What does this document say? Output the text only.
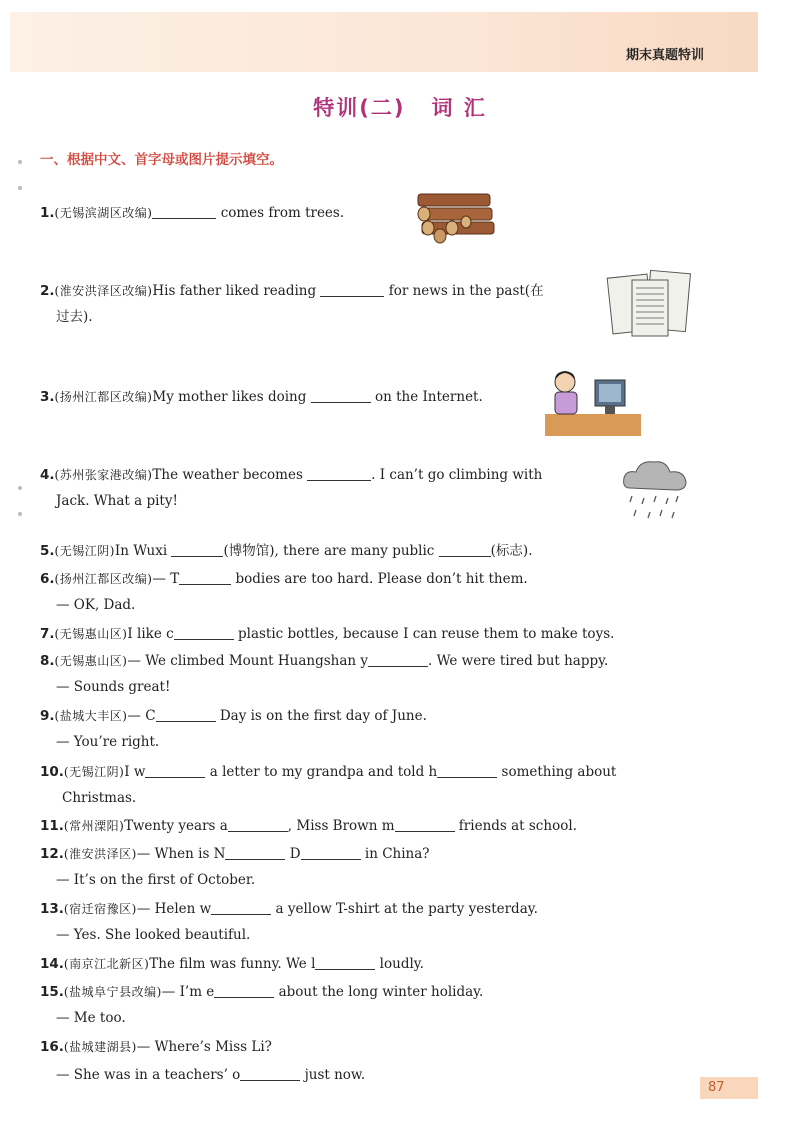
期末真题特训
特训(二) 词 汇
一、根据中文、首字母或图片提示填空。
1.(无锡滨湖区改编)	comes from trees.
2.(淮安洪泽区改编)His father liked reading	for news in the past(在
过去).
3.(扬州江都区改编)My mother likes doing	on the Internet.
4.(苏州张家港改编)The weather becomes	. I can’t go climbing with
Jack. What a pity!
5.(无锡江阴)In Wuxi	(博物馆), there are many public	(标志).
6.(扬州江都区改编)— T	bodies are too hard. Please don’t hit them.
— OK, Dad.
7.(无锡惠山区)I like c	plastic bottles, because I can reuse them to make toys.
8.(无锡惠山区)— We climbed Mount Huangshan y	. We were tired but happy.
— Sounds great!
9.(盐城大丰区)— C	Day is on the first day of June.
— You’re right.
10.(无锡江阴)I w	a letter to my grandpa and told h	something about
Christmas.
11.(常州溧阳)Twenty years a	, Miss Brown m	friends at school.
12.(淮安洪泽区)— When is N	D	in China?
— It’s on the first of October.
13.(宿迁宿豫区)— Helen w	a yellow T-shirt at the party yesterday.
— Yes. She looked beautiful.
14.(南京江北新区)The film was funny. We l	loudly.
15.(盐城阜宁县改编)— I’m e	about the long winter holiday.
— Me too.
16.(盐城建湖县)— Where’s Miss Li?
— She was in a teachers’ o	just now.
87
